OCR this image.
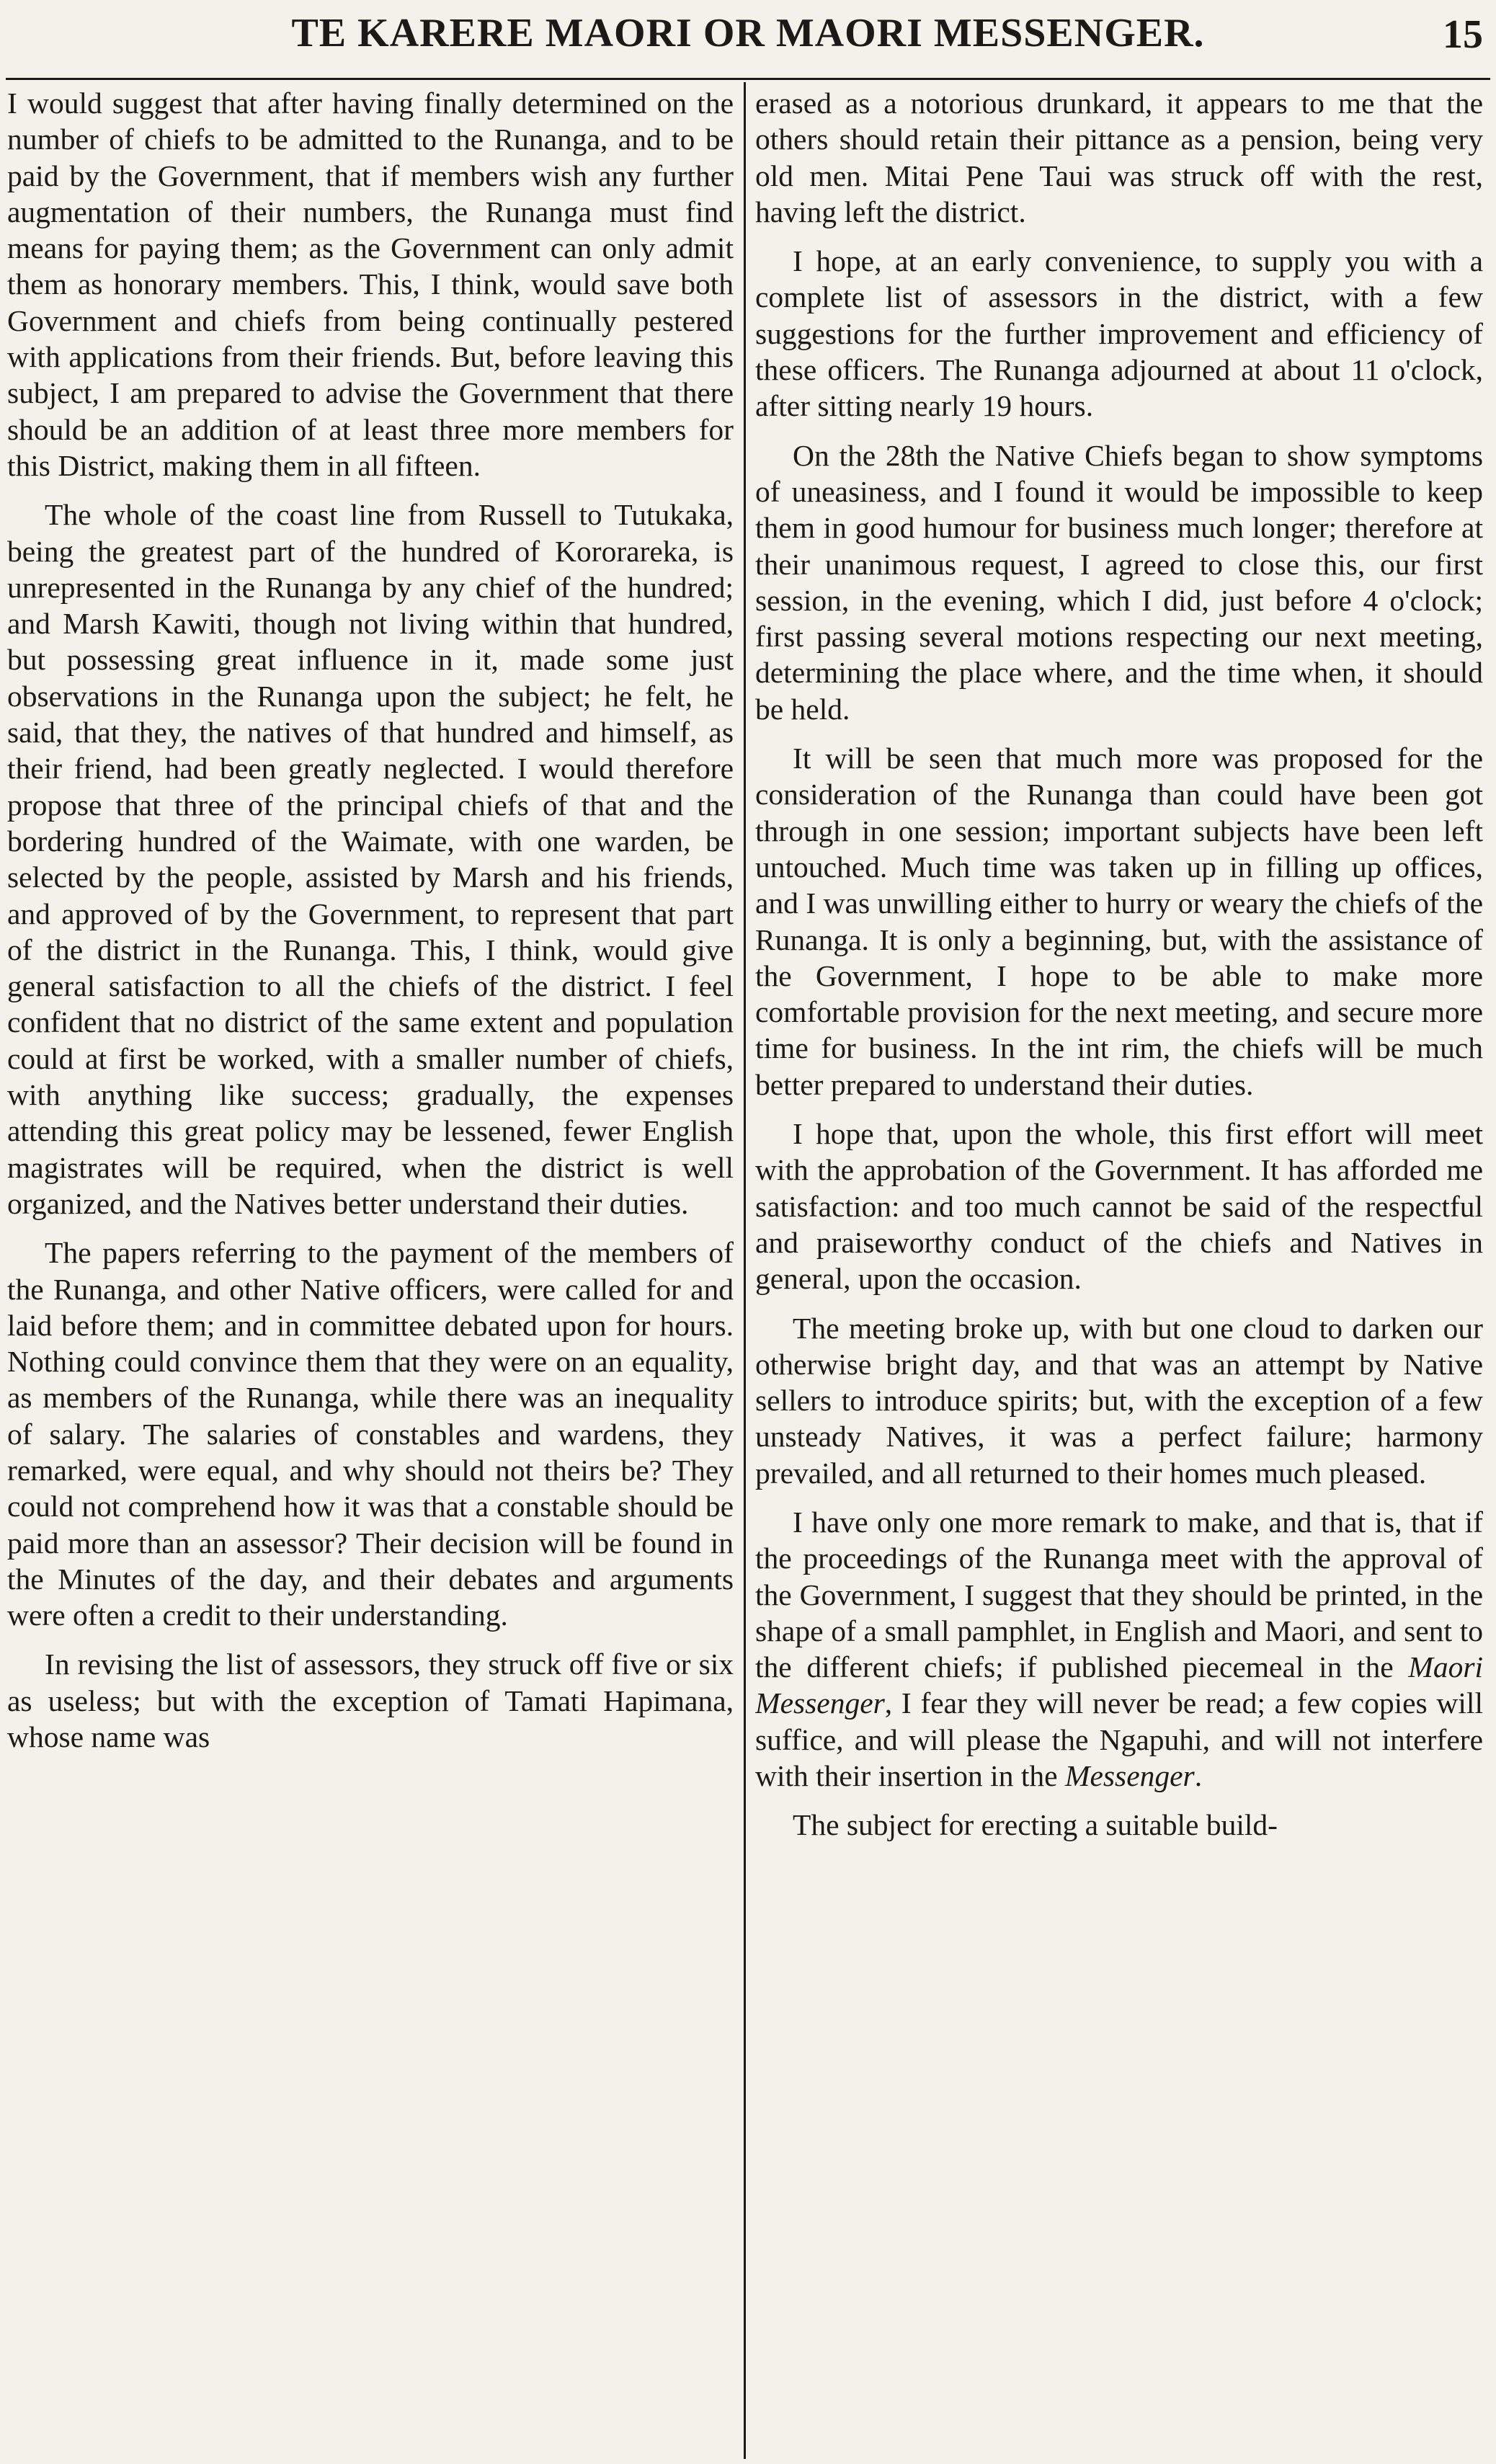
TE KARERE MAORI OR MAORI MESSENGER.	15

I would suggest that after having finally determined on the number of chiefs to be admitted to the Runanga, and to be paid by the Government, that if members wish any further augmentation of their numbers, the Runanga must find means for paying them; as the Government can only admit them as honorary members. This, I think, would save both Government and chiefs from being continually pestered with applications from their friends. But, before leaving this subject, I am prepared to advise the Government that there should be an addition of at least three more members for this District, making them in all fifteen.

The whole of the coast line from Russell to Tutukaka, being the greatest part of the hundred of Kororareka, is unrepresented in the Runanga by any chief of the hundred; and Marsh Kawiti, though not living within that hundred, but possessing great influence in it, made some just observations in the Runanga upon the subject; he felt, he said, that they, the natives of that hundred and himself, as their friend, had been greatly neglected. I would therefore propose that three of the principal chiefs of that and the bordering hundred of the Waimate, with one warden, be selected by the people, assisted by Marsh and his friends, and approved of by the Government, to represent that part of the district in the Runanga. This, I think, would give general satisfaction to all the chiefs of the district. I feel confident that no district of the same extent and population could at first be worked, with a smaller number of chiefs, with anything like success; gradually, the expenses attending this great policy may be lessened, fewer English magistrates will be required, when the district is well organized, and the Natives better understand their duties.

The papers referring to the payment of the members of the Runanga, and other Native officers, were called for and laid before them; and in committee debated upon for hours. Nothing could convince them that they were on an equality, as members of the Runanga, while there was an inequality of salary. The salaries of constables and wardens, they remarked, were equal, and why should not theirs be? They could not comprehend how it was that a constable should be paid more than an assessor? Their decision will be found in the Minutes of the day, and their debates and arguments were often a credit to their understanding.

In revising the list of assessors, they struck off five or six as useless; but with the exception of Tamati Hapimana, whose name was

erased as a notorious drunkard, it appears to me that the others should retain their pittance as a pension, being very old men. Mitai Pene Taui was struck off with the rest, having left the district.

I hope, at an early convenience, to supply you with a complete list of assessors in the district, with a few suggestions for the further improvement and efficiency of these officers. The Runanga adjourned at about 11 o'clock, after sitting nearly 19 hours.

On the 28th the Native Chiefs began to show symptoms of uneasiness, and I found it would be impossible to keep them in good humour for business much longer; therefore at their unanimous request, I agreed to close this, our first session, in the evening, which I did, just before 4 o'clock; first passing several motions respecting our next meeting, determining the place where, and the time when, it should be held.

It will be seen that much more was proposed for the consideration of the Runanga than could have been got through in one session; important subjects have been left untouched. Much time was taken up in filling up offices, and I was unwilling either to hurry or weary the chiefs of the Runanga. It is only a beginning, but, with the assistance of the Government, I hope to be able to make more comfortable provision for the next meeting, and secure more time for business. In the int rim, the chiefs will be much better prepared to understand their duties.

I hope that, upon the whole, this first effort will meet with the approbation of the Government. It has afforded me satisfaction: and too much cannot be said of the respectful and praiseworthy conduct of the chiefs and Natives in general, upon the occasion.

The meeting broke up, with but one cloud to darken our otherwise bright day, and that was an attempt by Native sellers to introduce spirits; but, with the exception of a few unsteady Natives, it was a perfect failure; harmony prevailed, and all returned to their homes much pleased.

I have only one more remark to make, and that is, that if the proceedings of the Runanga meet with the approval of the Government, I suggest that they should be printed, in the shape of a small pamphlet, in English and Maori, and sent to the different chiefs; if published piecemeal in the Maori Messenger, I fear they will never be read; a few copies will suffice, and will please the Ngapuhi, and will not interfere with their insertion in the Messenger.

The subject for erecting a suitable build-
